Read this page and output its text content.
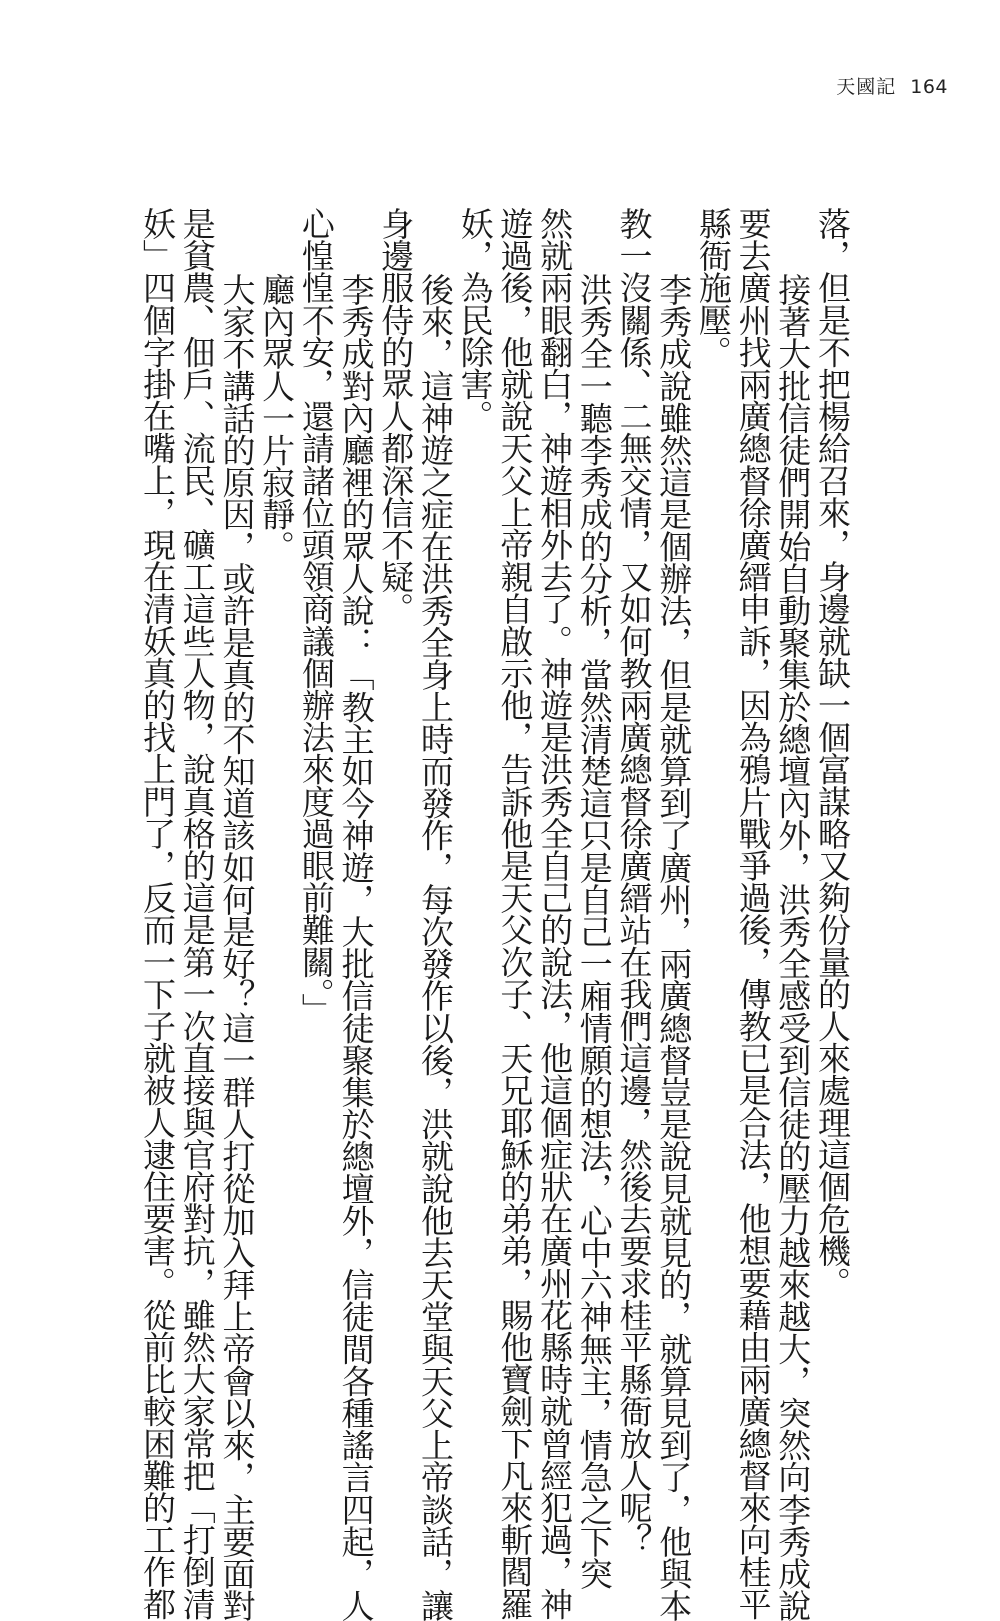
天國記 164
落，但是不把楊給召來，身邊就缺一個富謀略又夠份量的人來處理這個危機。
接著大批信徒們開始自動聚集於總壇內外，洪秀全感受到信徒的壓力越來越大，突然向李秀成說
要去廣州找兩廣總督徐廣縉申訴，因為鴉片戰爭過後，傳教已是合法，他想要藉由兩廣總督來向桂平
縣衙施壓。
李秀成說雖然這是個辦法，但是就算到了廣州，兩廣總督豈是說見就見的，就算見到了，他與本
教一沒關係、二無交情，又如何教兩廣總督徐廣縉站在我們這邊，然後去要求桂平縣衙放人呢？
洪秀全一聽李秀成的分析，當然清楚這只是自己一廂情願的想法，心中六神無主，情急之下突
然就兩眼翻白，神遊相外去了。神遊是洪秀全自己的說法，他這個症狀在廣州花縣時就曾經犯過，神
遊過後，他就說天父上帝親自啟示他，告訴他是天父次子、天兄耶穌的弟弟，賜他寶劍下凡來斬閻羅
妖，為民除害。
後來，這神遊之症在洪秀全身上時而發作，每次發作以後，洪就說他去天堂與天父上帝談話，讓
身邊服侍的眾人都深信不疑。
李秀成對內廳裡的眾人說：「教主如今神遊，大批信徒聚集於總壇外，信徒間各種謠言四起，人
心惶惶不安，還請諸位頭領商議個辦法來度過眼前難關。」
廳內眾人一片寂靜。
大家不講話的原因，或許是真的不知道該如何是好？這一群人打從加入拜上帝會以來，主要面對
是貧農、佃戶、流民、礦工這些人物，說真格的這是第一次直接與官府對抗，雖然大家常把「打倒清
妖」四個字掛在嘴上，現在清妖真的找上門了，反而一下子就被人逮住要害。從前比較困難的工作都
